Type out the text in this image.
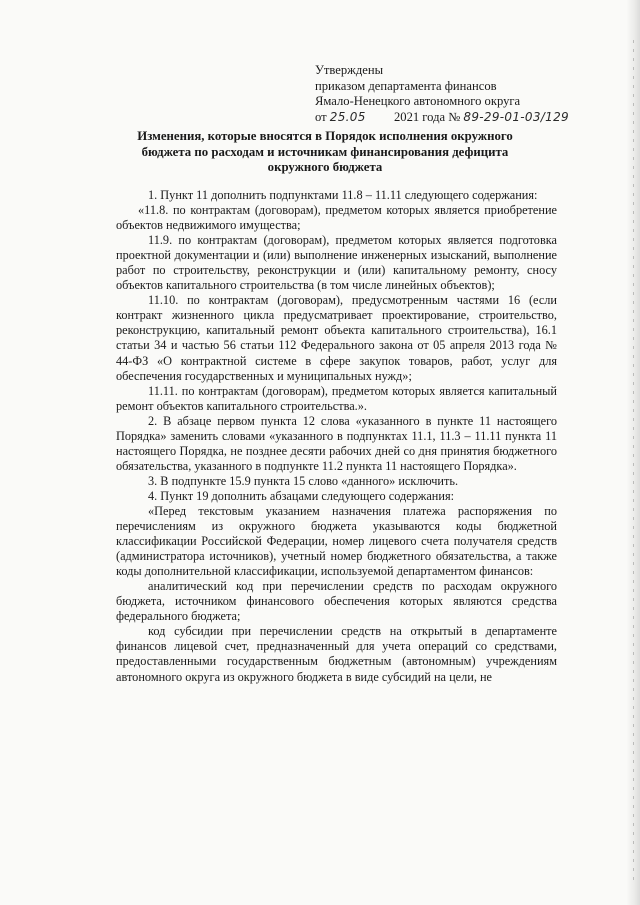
Утверждены
приказом департамента финансов
Ямало-Ненецкого автономного округа
от 25.05 2021 года № 89-29-01-03/129
Изменения, которые вносятся в Порядок исполнения окружного бюджета по расходам и источникам финансирования дефицита окружного бюджета

1. Пункт 11 дополнить подпунктами 11.8 – 11.11 следующего содержания:

«11.8. по контрактам (договорам), предметом которых является приобретение объектов недвижимого имущества;

11.9. по контрактам (договорам), предметом которых является подготовка проектной документации и (или) выполнение инженерных изысканий, выполнение работ по строительству, реконструкции и (или) капитальному ремонту, сносу объектов капитального строительства (в том числе линейных объектов);

11.10. по контрактам (договорам), предусмотренным частями 16 (если контракт жизненного цикла предусматривает проектирование, строительство, реконструкцию, капитальный ремонт объекта капитального строительства), 16.1 статьи 34 и частью 56 статьи 112 Федерального закона от 05 апреля 2013 года № 44-ФЗ «О контрактной системе в сфере закупок товаров, работ, услуг для обеспечения государственных и муниципальных нужд»;

11.11. по контрактам (договорам), предметом которых является капитальный ремонт объектов капитального строительства.».

2. В абзаце первом пункта 12 слова «указанного в пункте 11 настоящего Порядка» заменить словами «указанного в подпунктах 11.1, 11.3 – 11.11 пункта 11 настоящего Порядка, не позднее десяти рабочих дней со дня принятия бюджетного обязательства, указанного в подпункте 11.2 пункта 11 настоящего Порядка».

3. В подпункте 15.9 пункта 15 слово «данного» исключить.

4. Пункт 19 дополнить абзацами следующего содержания:

«Перед текстовым указанием назначения платежа распоряжения по перечислениям из окружного бюджета указываются коды бюджетной классификации Российской Федерации, номер лицевого счета получателя средств (администратора источников), учетный номер бюджетного обязательства, а также коды дополнительной классификации, используемой департаментом финансов:

аналитический код при перечислении средств по расходам окружного бюджета, источником финансового обеспечения которых являются средства федерального бюджета;

код субсидии при перечислении средств на открытый в департаменте финансов лицевой счет, предназначенный для учета операций со средствами, предоставленными государственным бюджетным (автономным) учреждениям автономного округа из окружного бюджета в виде субсидий на цели, не
